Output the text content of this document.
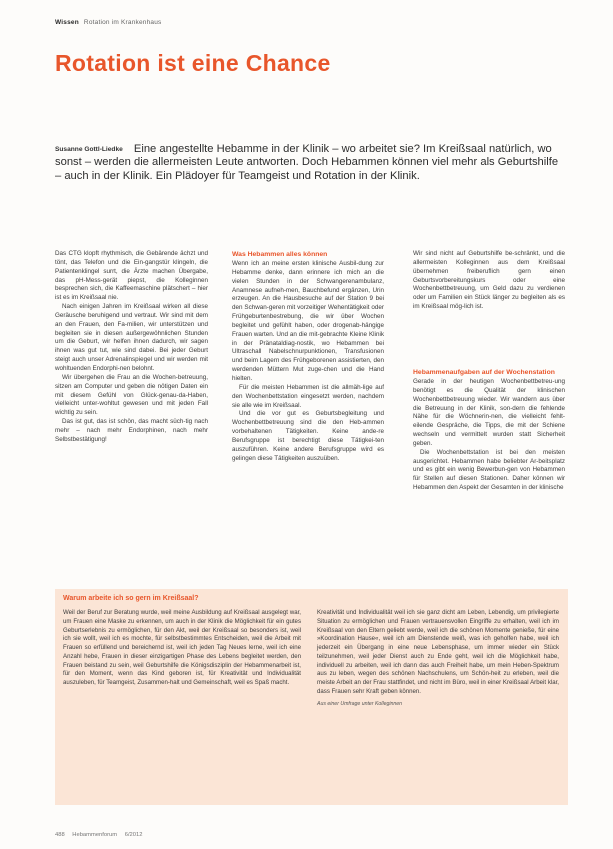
Wissen Rotation im Krankenhaus
Rotation ist eine Chance
Susanne Gottl-Liedke Eine angestellte Hebamme in der Klinik – wo arbeitet sie? Im Kreißsaal natürlich, wo sonst – werden die allermeisten Leute antworten. Doch Hebammen können viel mehr als Geburtshilfe – auch in der Klinik. Ein Plädoyer für Teamgeist und Rotation in der Klinik.

Das CTG klopft rhythmisch, die Gebärende ächzt und tönt, das Telefon und die Ein-gangstür klingeln, die Patientenklingel surrt, die Ärzte machen Übergabe, das pH-Mess-gerät piepst, die Kolleginnen besprechen sich, die Kaffeemaschine plätschert – hier ist es im Kreißsaal nie.

Nach einigen Jahren im Kreißsaal wirken all diese Geräusche beruhigend und vertraut. Wir sind mit dem an den Frauen, den Fa-milien, wir unterstützen und begleiten sie in diesen außergewöhnlichen Stunden um die Geburt, wir helfen ihnen dadurch, wir sagen ihnen was gut tut, wie sind dabei. Bei jeder Geburt steigt auch unser Adrenalinspiegel und wir werden mit wohltuenden Endorphi-nen belohnt.

Wir übergehen die Frau an die Wochen-betreuung, sitzen am Computer und geben die nötigen Daten ein mit diesem Gefühl von Glück-genau-da-Haben, vielleicht unter-wohltut gewesen und mit jeden Fall wichtig zu sein.

Das ist gut, das ist schön, das macht süch-tig nach mehr – nach mehr Endorphinen, nach mehr Selbstbestätigung!

Was Hebammen alles können

Wenn ich an meine ersten klinische Ausbil-dung zur Hebamme denke, dann erinnere ich mich an die vielen Stunden in der Schwangerenambulanz, Anamnese aufneh-men, Bauchbefund ergänzen, Urin erzeugen. An die Hausbesuche auf der Station 9 bei den Schwan-geren mit vorzeitiger Wehentätigkeit oder Frühgeburtenbestrebung, die wir über Wochen begleitet und gefühlt haben, oder drogenab-hängige Frauen warten. Und an die mit-gebrachte Kleine Klinik in der Pränataldiag-nostik, wo Hebammen bei Ultraschall Nabelschnurpunktionen, Transfusionen und beim Lagern des Frühgeborenen assistierten, den werdenden Müttern Mut zuge-chen und die Hand hielten.

Für die meisten Hebammen ist die allmäh-lige auf den Wochenbettstation eingesetzt werden, nachdem sie alle wie im Kreißsaal.

Und die vor gut es Geburtsbegleitung und Wochenbettbetreuung sind die den Heb-ammen vorbehaltenen Tätigkeiten. Keine ande-re Berufsgruppe ist berechtigt diese Tätigkei-ten auszuführen. Keine andere Berufsgruppe wird es gelingen diese Tätigkeiten auszuüben.

Wir sind nicht auf Geburtshilfe be-schränkt, und die allermeisten Kolleginnen aus dem Kreißsaal übernehmen freiberuflich gern einen Geburtsvorbereitungskurs oder eine Wochenbettbetreuung, um Geld dazu zu verdienen oder um Familien ein Stück länger zu begleiten als es im Kreißsaal mög-lich ist.

Hebammenaufgaben auf der Wochenstation

Gerade in der heutigen Wochenbettbetreu-ung benötigt es die Qualität der klinischen Wochenbettbetreuung wieder. Wir wandern aus über die Betreuung in der Klinik, son-dern die fehlende Nähe für die Wöchnerin-nen, die vielleicht fehlt-eilende Gespräche, die Tipps, die mit der Schiene wechseln und vermittelt wurden statt Sicherheit geben.

Die Wochenbettstation ist bei den meisten ausgerichtet. Hebammen habe beliebter Ar-beitsplatz und es gibt ein wenig Bewerbun-gen von Hebammen für Stellen auf diesen Stationen. Daher können wir Hebammen den Aspekt der Gesamten in der klinische

Warum arbeite ich so gern im Kreißsaal?
Weil der Beruf zur Beratung wurde, weil meine Ausbildung auf Kreißsaal ausgelegt war, um Frauen eine Maske zu erkennen, um auch in der Klinik die Möglichkeit für ein gutes Geburtserlebnis zu ermöglichen, für den Akt, weil der Kreißsaal so besonders ist, weil ich sie wollt, weil ich es mochte, für selbstbestimmtes Entscheiden, weil die Arbeit mit Frauen so erfüllend und bereichernd ist, weil ich jeden Tag Neues lerne, weil ich eine Anzahl hebe, Frauen in dieser einzigartigen Phase des Lebens begleitet werden, den Frauen beistand zu sein, weil Geburtshilfe die Königsdisziplin der Hebammenarbeit ist, für den Moment, wenn das Kind geboren ist, für Kreativität und Individualität auszuleben, für Teamgeist, Zusammen-halt und Gemeinschaft, weil es Spaß macht.
Kreativität und Individualität weil ich sie ganz dicht am Leben, Lebendig, um privilegierte Situation zu ermöglichen und Frauen vertrauensvollen Eingriffe zu erhalten, weil ich im Kreißsaal von den Eltern geliebt werde, weil ich die schönen Momente genieße, für eine »Koordination Hause«, weil ich am Dienstende weiß, was ich geholfen habe, weil ich jederzeit ein Übergang in eine neue Lebensphase, um immer wieder ein Stück teilzunehmen, weil jeder Dienst auch zu Ende geht, weil ich die Möglichkeit habe, individuell zu arbeiten, weil ich dann das auch Freiheit habe, um mein Heben-Spektrum aus zu leben, wegen des schönen Nachschulens, um Schön-heit zu erleben, weil die meiste Arbeit an der Frau stattfindet, und nicht im Büro, weil in einer Kreißsaal Arbeit klar, dass Frauen sehr Kraft geben können.
Aus einer Umfrage unter Kolleginnen
488 Hebammenforum 6/2012
